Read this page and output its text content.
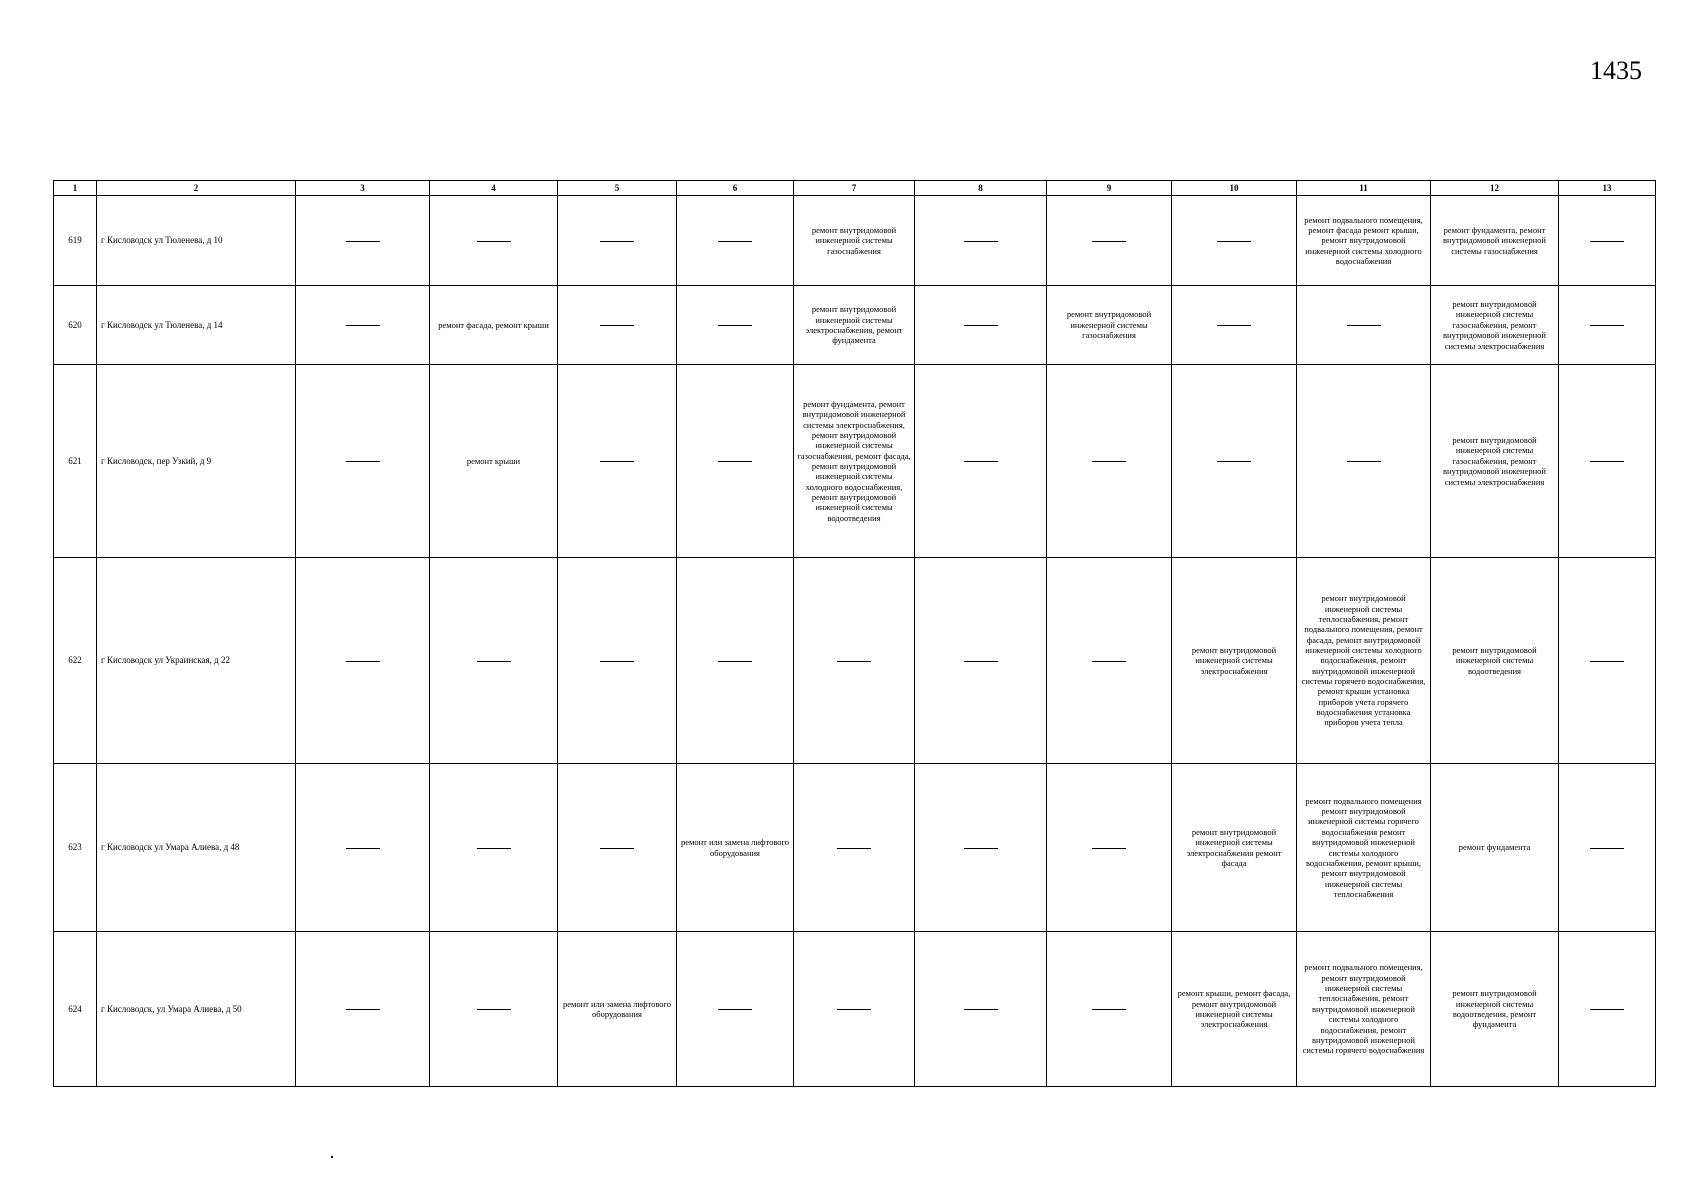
1435
1	2	3	4	5	6	7	8	9	10	11	12	13
619	г Кисловодск ул Тюленева, д 10					ремонт внутридомовой инженерной системы газоснабжения				ремонт подвального помещения, ремонт фасада ремонт крыши, ремонт внутридомовой инженерной системы холодного водоснабжения	ремонт фундамента, ремонт внутридомовой инженерной системы газоснабжения	
620	г Кисловодск ул Тюленева, д 14		ремонт фасада, ремонт крыши			ремонт внутридомовой инженерной системы электроснабжения, ремонт фундамента		ремонт внутридомовой инженерной системы газоснабжения			ремонт внутридомовой инженерной системы газоснабжения, ремонт внутридомовой инженерной системы электроснабжения	
621	г Кисловодск, пер Узкий, д 9		ремонт крыши			ремонт фундамента, ремонт внутридомовой инженерной системы электроснабжения, ремонт внутридомовой инженерной системы газоснабжения, ремонт фасада, ремонт внутридомовой инженерной системы холодного водоснабжения, ремонт внутридомовой инженерной системы водоотведения					ремонт внутридомовой инженерной системы газоснабжения, ремонт внутридомовой инженерной системы электроснабжения	
622	г Кисловодск ул Украинская, д 22								ремонт внутридомовой инженерной системы электроснабжения	ремонт внутридомовой инженерной системы теплоснабжения, ремонт подвального помещения, ремонт фасада, ремонт внутридомовой инженерной системы холодного водоснабжения, ремонт внутридомовой инженерной системы горячего водоснабжения, ремонт крыши установка приборов учета горячего водоснабжения установка приборов учета тепла	ремонт внутридомовой инженерной системы водоотведения	
623	г Кисловодск ул Умара Алиева, д 48				ремонт или замена лифтового оборудования				ремонт внутридомовой инженерной системы электроснабжения ремонт фасада	ремонт подвального помещения ремонт внутридомовой инженерной системы горячего водоснабжения ремонт внутридомовой инженерной системы холодного водоснабжения, ремонт крыши, ремонт внутридомовой инженерной системы теплоснабжения	ремонт фундамента	
624	г Кисловодск, ул Умара Алиева, д 50			ремонт или замена лифтового оборудования					ремонт крыши, ремонт фасада, ремонт внутридомовой инженерной системы электроснабжения	ремонт подвального помещения, ремонт внутридомовой инженерной системы теплоснабжения, ремонт внутридомовой инженерной системы холодного водоснабжения, ремонт внутридомовой инженерной системы горячего водоснабжения	ремонт внутридомовой инженерной системы водоотведения, ремонт фундамента	
